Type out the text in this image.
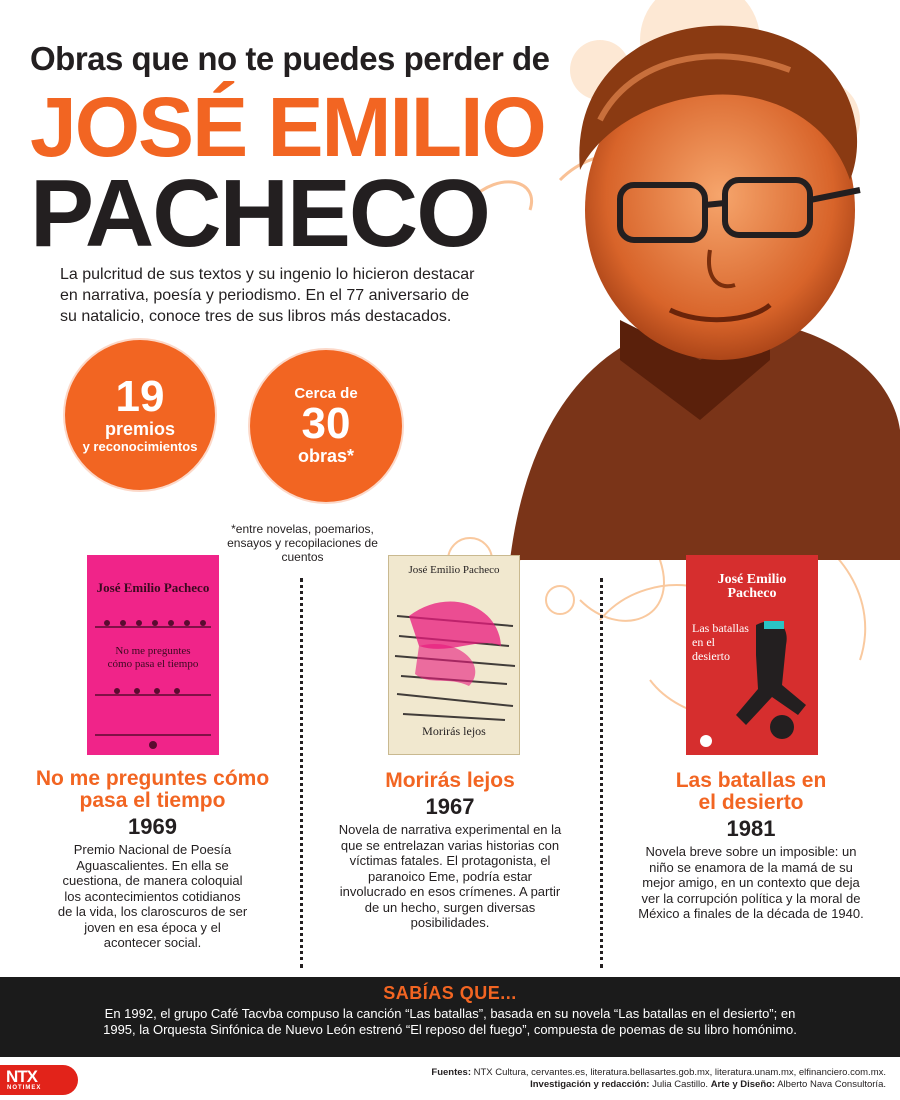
Obras que no te puedes perder de
JOSÉ EMILIO
PACHECO
La pulcritud de sus textos y su ingenio lo hicieron destacar en narrativa, poesía y periodismo. En el 77 aniversario de su natalicio, conoce tres de sus libros más destacados.
19
premios
y reconocimientos
Cerca de
30
obras*
*entre novelas, poemarios, ensayos y recopilaciones de cuentos
José Emilio Pacheco
No me preguntes cómo pasa el tiempo
José Emilio Pacheco
Morirás lejos
José Emilio Pacheco
Las batallas en el desierto
No me preguntes cómo pasa el tiempo
1969
Premio Nacional de Poesía Aguascalientes. En ella se cuestiona, de manera coloquial los acontecimientos cotidianos de la vida, los claroscuros de ser joven en esa época y el acontecer social.
Morirás lejos
1967
Novela de narrativa experimental en la que se entrelazan varias historias con víctimas fatales. El protagonista, el paranoico Eme, podría estar involucrado en esos crímenes. A partir de un hecho, surgen diversas posibilidades.
Las batallas en el desierto
1981
Novela breve sobre un imposible: un niño se enamora de la mamá de su mejor amigo, en un contexto que deja ver la corrupción política y la moral de México a finales de la década de 1940.
SABÍAS QUE...
En 1992, el grupo Café Tacvba compuso la canción “Las batallas”, basada en su novela “Las batallas en el desierto”; en 1995, la Orquesta Sinfónica de Nuevo León estrenó “El reposo del fuego”, compuesta de poemas de su libro homónimo.
NTX
NOTIMEX
Fuentes: NTX Cultura, cervantes.es, literatura.bellasartes.gob.mx, literatura.unam.mx, elfinanciero.com.mx.
Investigación y redacción: Julia Castillo. Arte y Diseño: Alberto Nava Consultoría.
